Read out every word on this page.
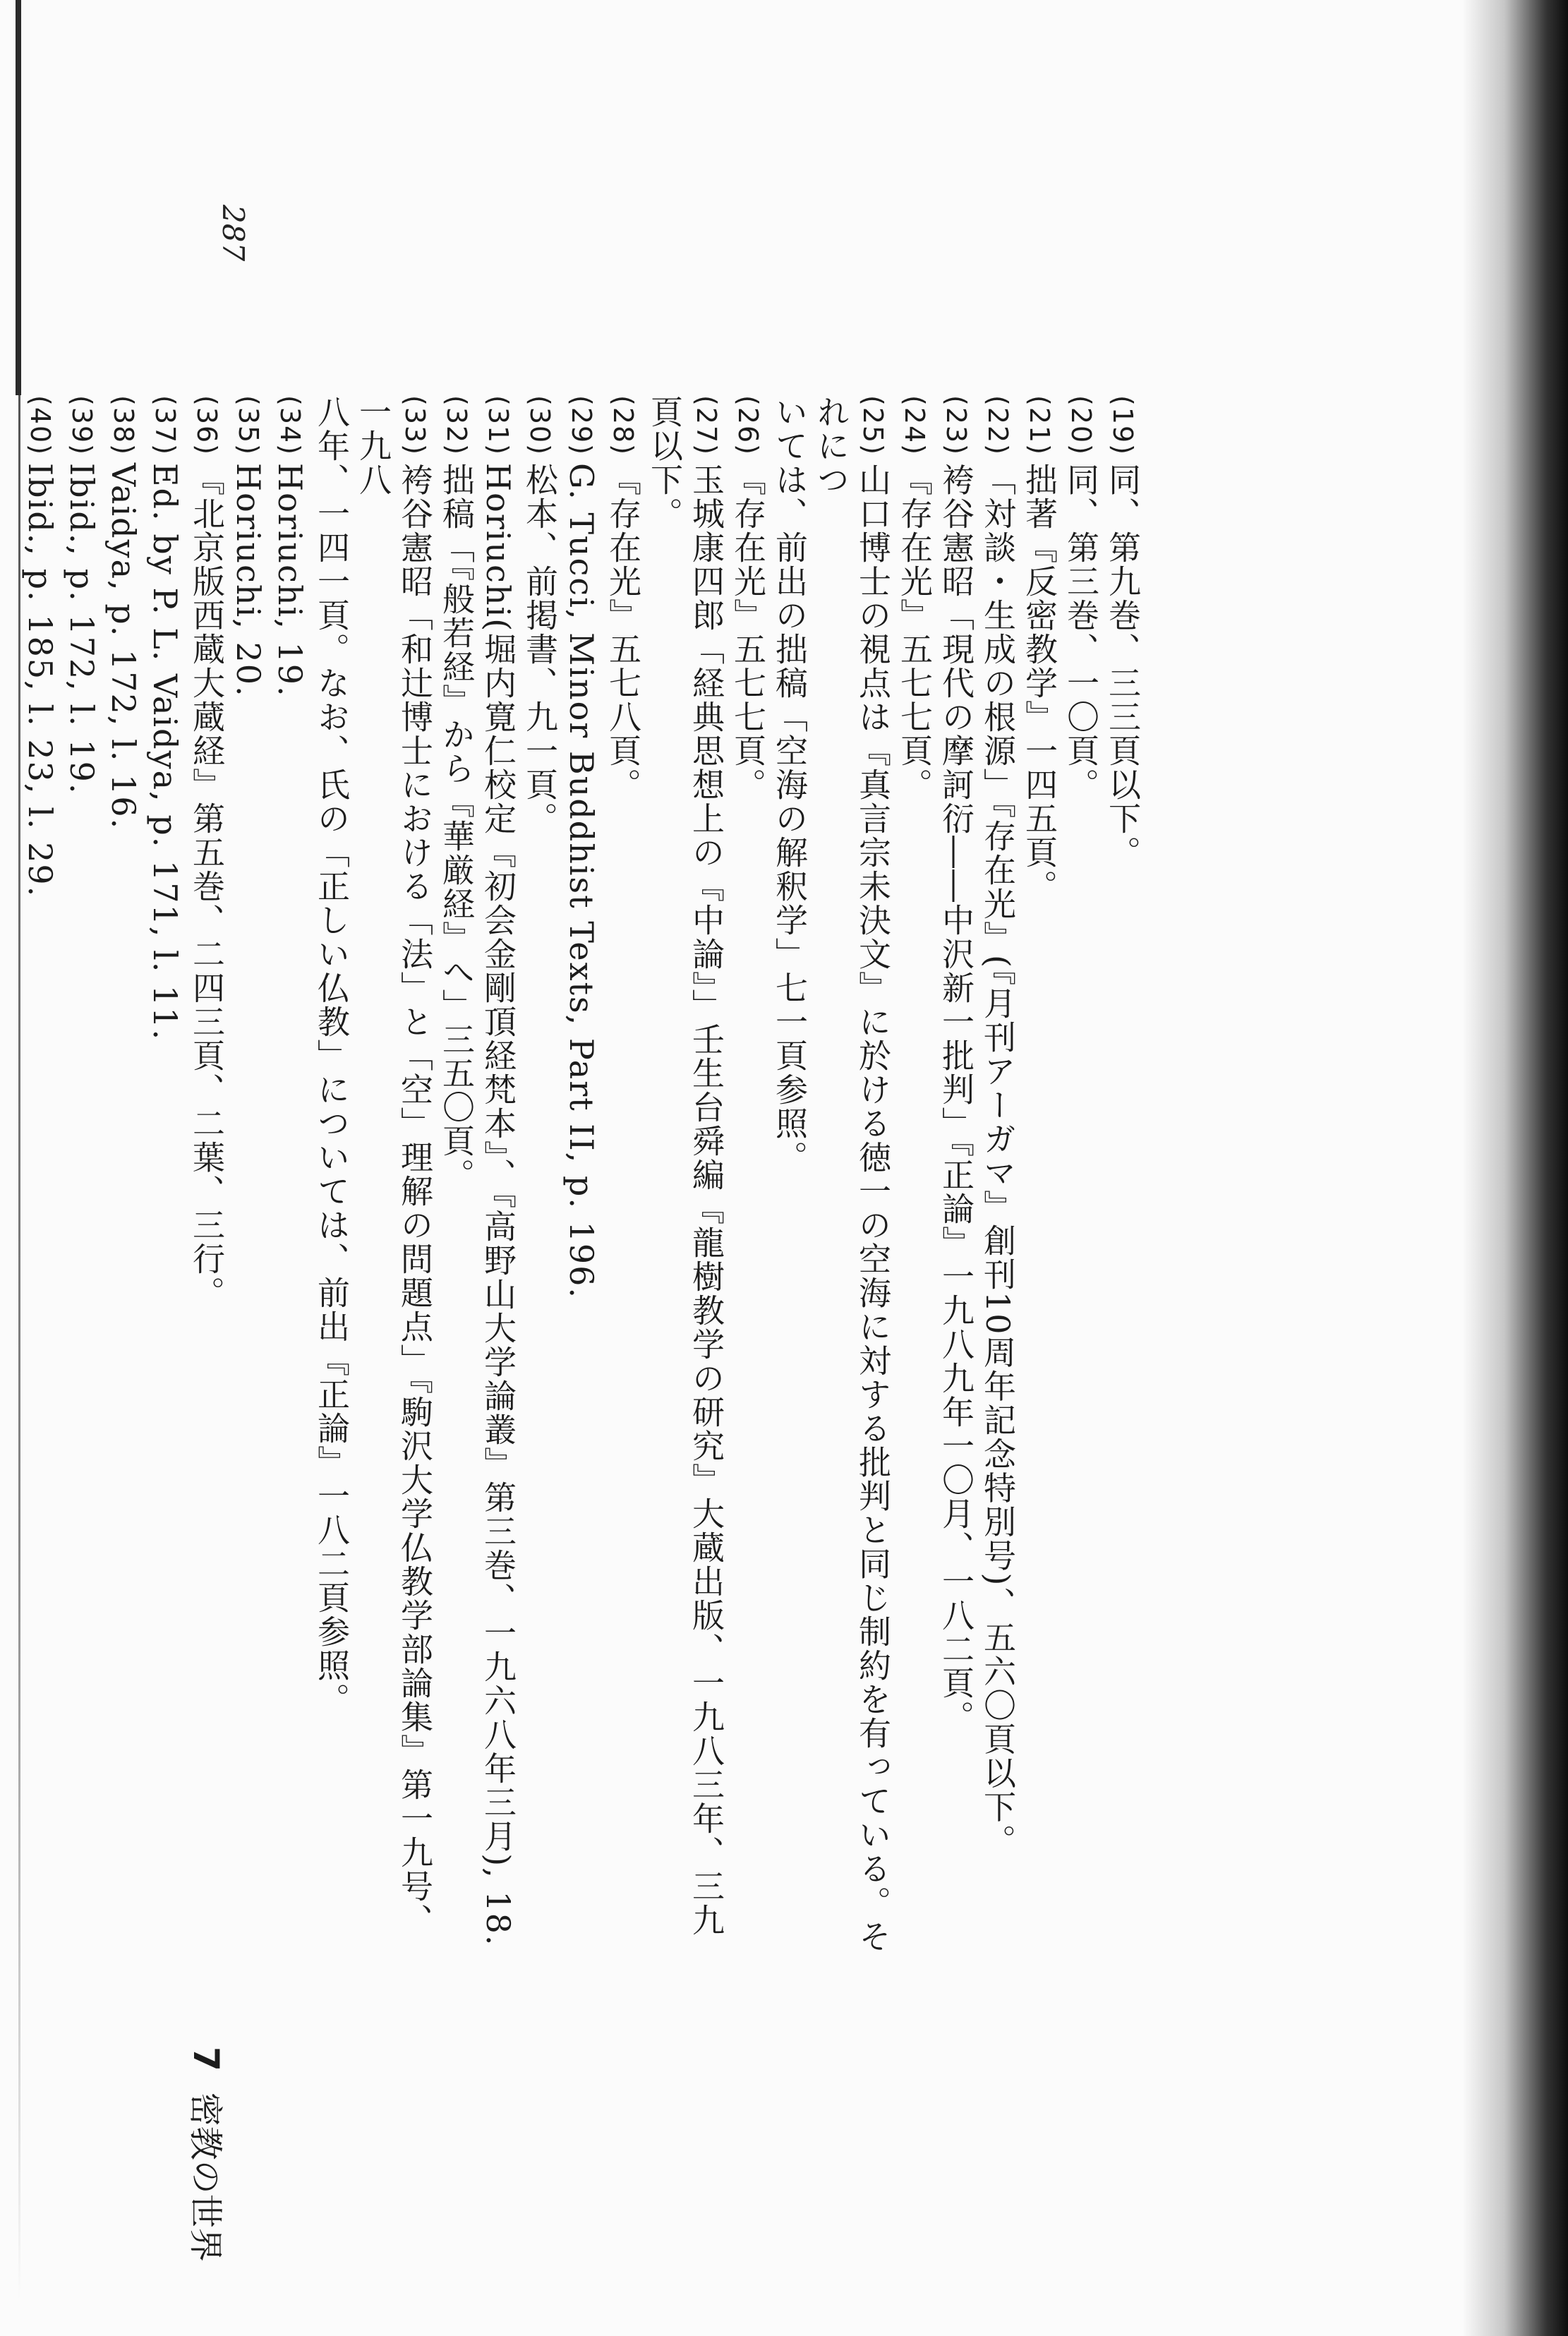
287
(19)同、第九巻、三三頁以下。
(20)同、第三巻、一〇頁。
(21)拙著『反密教学』一四五頁。
(22)「対談・生成の根源」『存在光』(『月刊アーガマ』創刊10周年記念特別号)、五六〇頁以下。
(23)袴谷憲昭「現代の摩訶衍――中沢新一批判」『正論』一九八九年一〇月、一八二頁。
(24)『存在光』五七七頁。
(25)山口博士の視点は『真言宗未決文』に於ける徳一の空海に対する批判と同じ制約を有っている。それにつ
いては、前出の拙稿「空海の解釈学」七一頁参照。
(26)『存在光』五七七頁。
(27)玉城康四郎「経典思想上の『中論』」壬生台舜編『龍樹教学の研究』大蔵出版、一九八三年、三九頁以下。
(28)『存在光』五七八頁。
(29)G. Tucci, Minor Buddhist Texts, Part II, p. 196.
(30)松本、前掲書、九一頁。
(31)Horiuchi(堀内寛仁校定『初会金剛頂経梵本』、『高野山大学論叢』第三巻、一九六八年三月), 18.
(32)拙稿「『般若経』から『華厳経』へ」三五〇頁。
(33)袴谷憲昭「和辻博士における「法」と「空」理解の問題点」『駒沢大学仏教学部論集』第一九号、一九八
八年、一四一頁。なお、氏の「正しい仏教」については、前出『正論』一八二頁参照。
(34)Horiuchi, 19.
(35)Horiuchi, 20.
(36)『北京版西蔵大蔵経』第五巻、二四三頁、二葉、三行。
(37)Ed. by P. L. Vaidya, p. 171, l. 11.
(38)Vaidya, p. 172, l. 16.
(39)Ibid., p. 172, l. 19.
(40)Ibid., p. 185, l. 23, l. 29.
7
密教の世界
